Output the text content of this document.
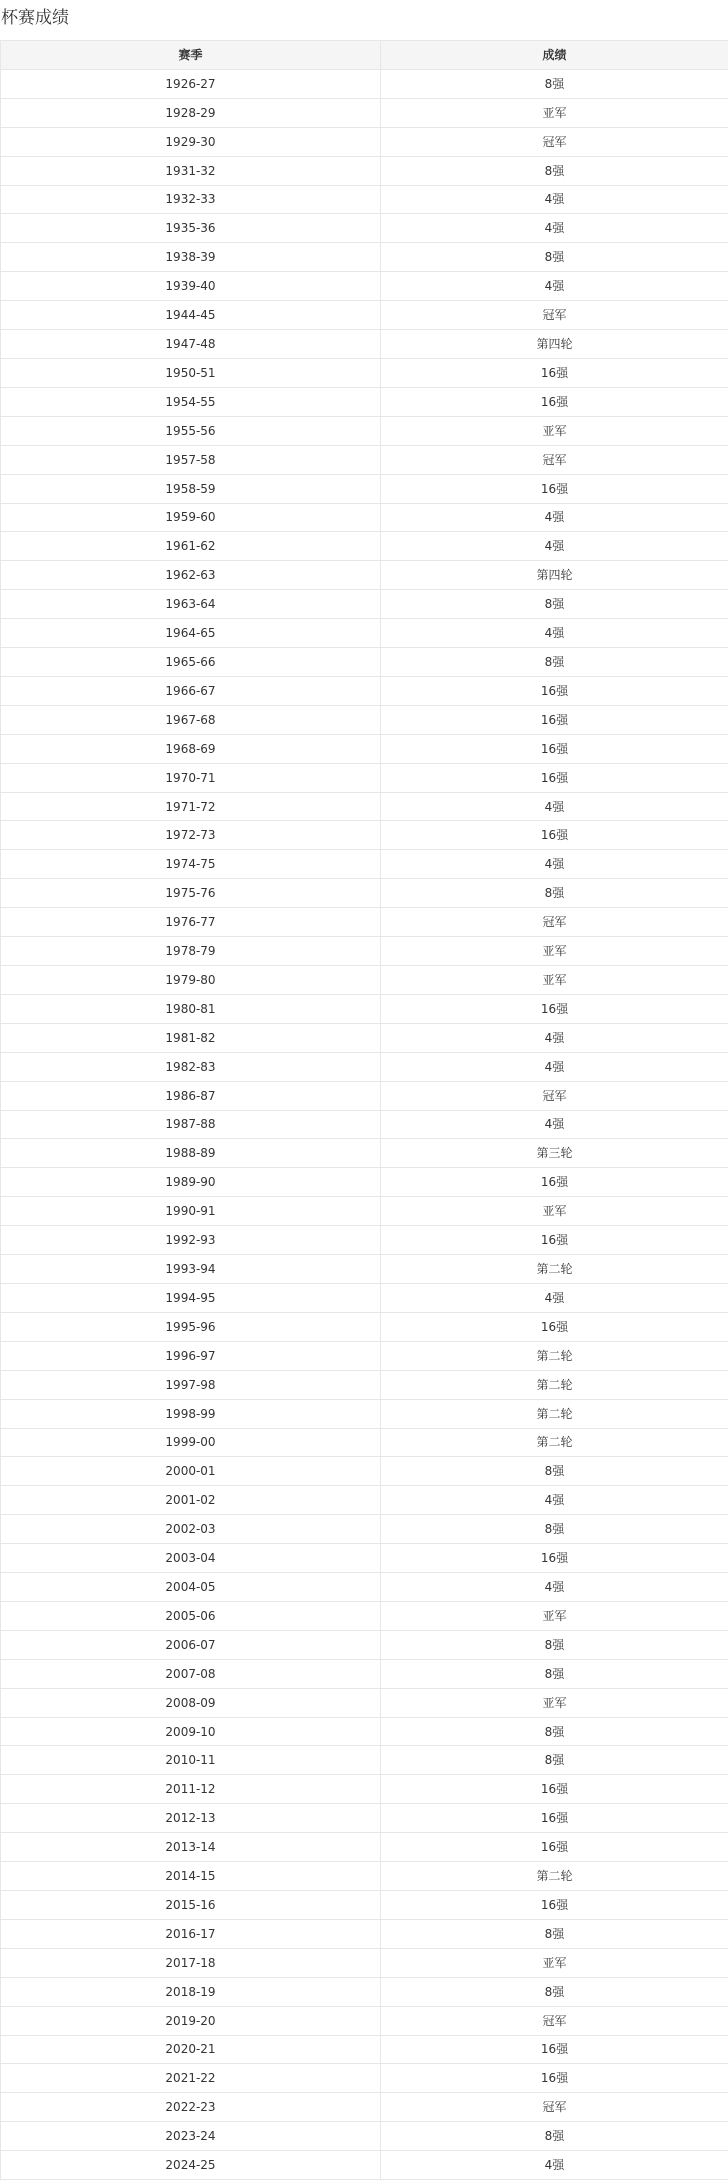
杯赛成绩
赛季	成绩
1926-27	8强
1928-29	亚军
1929-30	冠军
1931-32	8强
1932-33	4强
1935-36	4强
1938-39	8强
1939-40	4强
1944-45	冠军
1947-48	第四轮
1950-51	16强
1954-55	16强
1955-56	亚军
1957-58	冠军
1958-59	16强
1959-60	4强
1961-62	4强
1962-63	第四轮
1963-64	8强
1964-65	4强
1965-66	8强
1966-67	16强
1967-68	16强
1968-69	16强
1970-71	16强
1971-72	4强
1972-73	16强
1974-75	4强
1975-76	8强
1976-77	冠军
1978-79	亚军
1979-80	亚军
1980-81	16强
1981-82	4强
1982-83	4强
1986-87	冠军
1987-88	4强
1988-89	第三轮
1989-90	16强
1990-91	亚军
1992-93	16强
1993-94	第二轮
1994-95	4强
1995-96	16强
1996-97	第二轮
1997-98	第二轮
1998-99	第二轮
1999-00	第二轮
2000-01	8强
2001-02	4强
2002-03	8强
2003-04	16强
2004-05	4强
2005-06	亚军
2006-07	8强
2007-08	8强
2008-09	亚军
2009-10	8强
2010-11	8强
2011-12	16强
2012-13	16强
2013-14	16强
2014-15	第二轮
2015-16	16强
2016-17	8强
2017-18	亚军
2018-19	8强
2019-20	冠军
2020-21	16强
2021-22	16强
2022-23	冠军
2023-24	8强
2024-25	4强
